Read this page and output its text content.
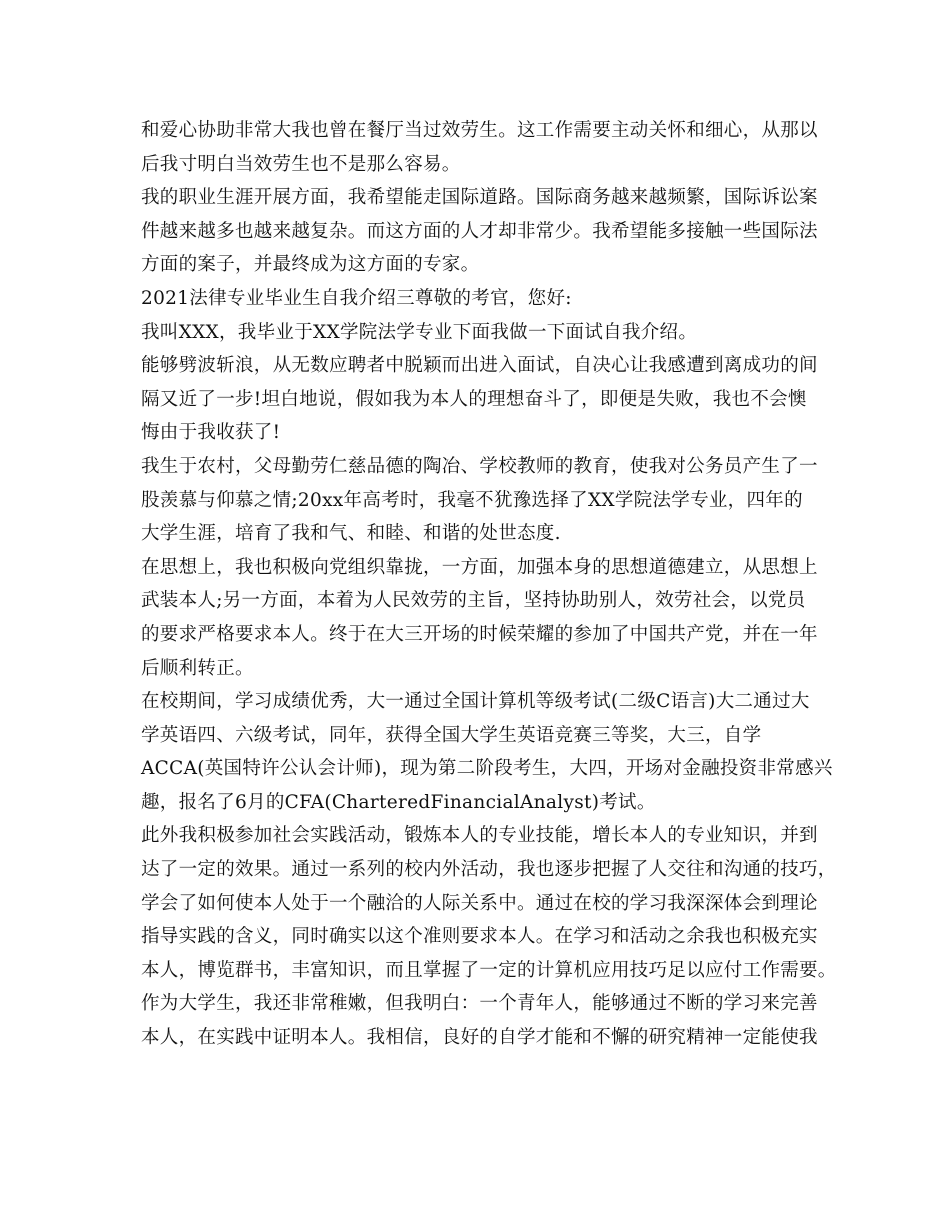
和爱心协助非常大我也曾在餐厅当过效劳生。这工作需要主动关怀和细心，从那以
后我寸明白当效劳生也不是那么容易。
我的职业生涯开展方面，我希望能走国际道路。国际商务越来越频繁，国际诉讼案
件越来越多也越来越复杂。而这方面的人才却非常少。我希望能多接触一些国际法
方面的案子，并最终成为这方面的专家。
2021法律专业毕业生自我介绍三尊敬的考官，您好:
我叫XXX，我毕业于XX学院法学专业下面我做一下面试自我介绍。
能够劈波斩浪，从无数应聘者中脱颖而出进入面试，自决心让我感遭到离成功的间
隔又近了一步!坦白地说，假如我为本人的理想奋斗了，即便是失败，我也不会懊
悔由于我收获了!
我生于农村，父母勤劳仁慈品德的陶冶、学校教师的教育，使我对公务员产生了一
股羡慕与仰慕之情;20xx年高考时，我毫不犹豫选择了XX学院法学专业，四年的
大学生涯，培育了我和气、和睦、和谐的处世态度.
在思想上，我也积极向党组织靠拢，一方面，加强本身的思想道德建立，从思想上
武装本人;另一方面，本着为人民效劳的主旨，坚持协助别人，效劳社会，以党员
的要求严格要求本人。终于在大三开场的时候荣耀的参加了中国共产党，并在一年
后顺利转正。
在校期间，学习成绩优秀，大一通过全国计算机等级考试(二级C语言)大二通过大
学英语四、六级考试，同年，获得全国大学生英语竞赛三等奖，大三，自学
ACCA(英国特许公认会计师)，现为第二阶段考生，大四，开场对金融投资非常感兴
趣，报名了6月的CFA(CharteredFinancialAnalyst)考试。
此外我积极参加社会实践活动，锻炼本人的专业技能，增长本人的专业知识，并到
达了一定的效果。通过一系列的校内外活动，我也逐步把握了人交往和沟通的技巧，
学会了如何使本人处于一个融洽的人际关系中。通过在校的学习我深深体会到理论
指导实践的含义，同时确实以这个准则要求本人。在学习和活动之余我也积极充实
本人，博览群书，丰富知识，而且掌握了一定的计算机应用技巧足以应付工作需要。
作为大学生，我还非常稚嫩，但我明白：一个青年人，能够通过不断的学习来完善
本人，在实践中证明本人。我相信，良好的自学才能和不懈的研究精神一定能使我
